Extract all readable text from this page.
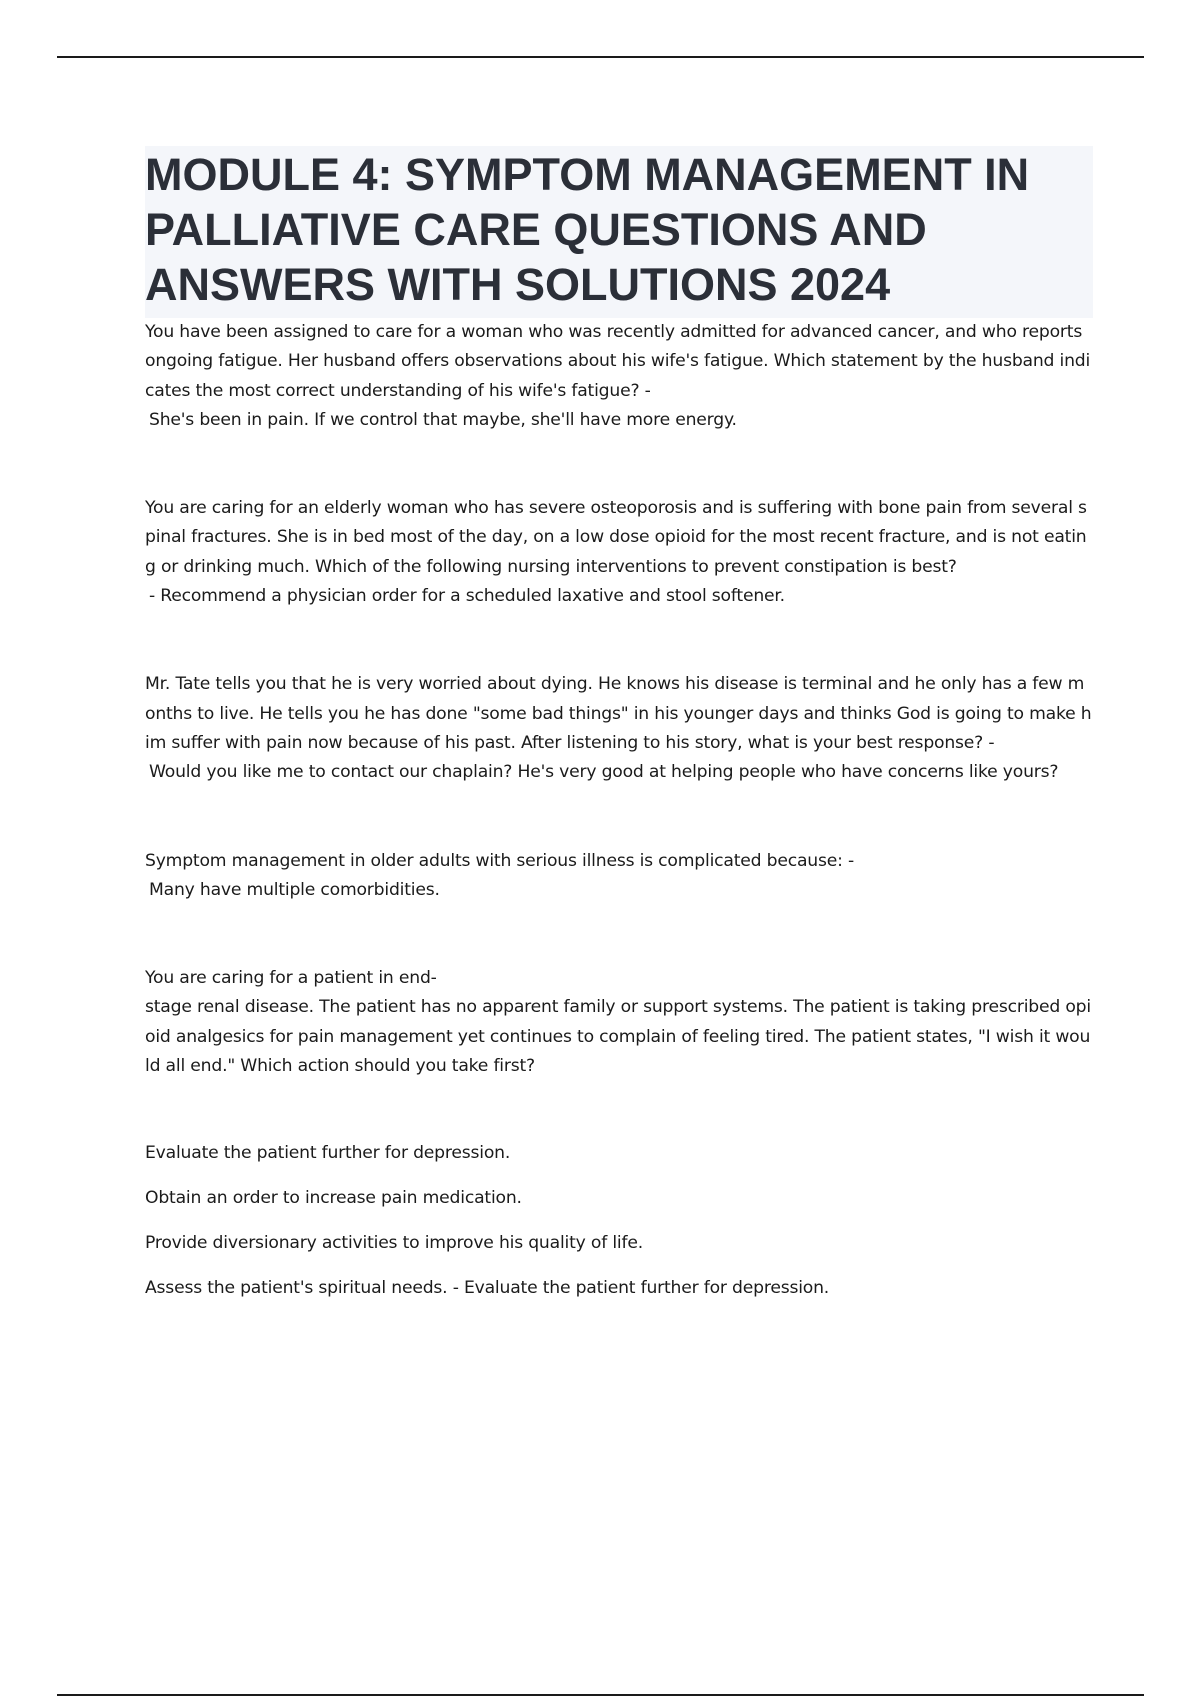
MODULE 4: SYMPTOM MANAGEMENT IN PALLIATIVE CARE QUESTIONS AND ANSWERS WITH SOLUTIONS 2024

You have been assigned to care for a woman who was recently admitted for advanced cancer, and who reports ongoing fatigue. Her husband offers observations about his wife's fatigue. Which statement by the husband indicates the most correct understanding of his wife's fatigue? -

She's been in pain. If we control that maybe, she'll have more energy.

You are caring for an elderly woman who has severe osteoporosis and is suffering with bone pain from several spinal fractures. She is in bed most of the day, on a low dose opioid for the most recent fracture, and is not eating or drinking much. Which of the following nursing interventions to prevent constipation is best?

- Recommend a physician order for a scheduled laxative and stool softener.

Mr. Tate tells you that he is very worried about dying. He knows his disease is terminal and he only has a few months to live. He tells you he has done "some bad things" in his younger days and thinks God is going to make him suffer with pain now because of his past. After listening to his story, what is your best response? -

Would you like me to contact our chaplain? He's very good at helping people who have concerns like yours?

Symptom management in older adults with serious illness is complicated because: -

Many have multiple comorbidities.

You are caring for a patient in end-

stage renal disease. The patient has no apparent family or support systems. The patient is taking prescribed opioid analgesics for pain management yet continues to complain of feeling tired. The patient states, "I wish it would all end." Which action should you take first?

Evaluate the patient further for depression.

Obtain an order to increase pain medication.

Provide diversionary activities to improve his quality of life.

Assess the patient's spiritual needs. - Evaluate the patient further for depression.
